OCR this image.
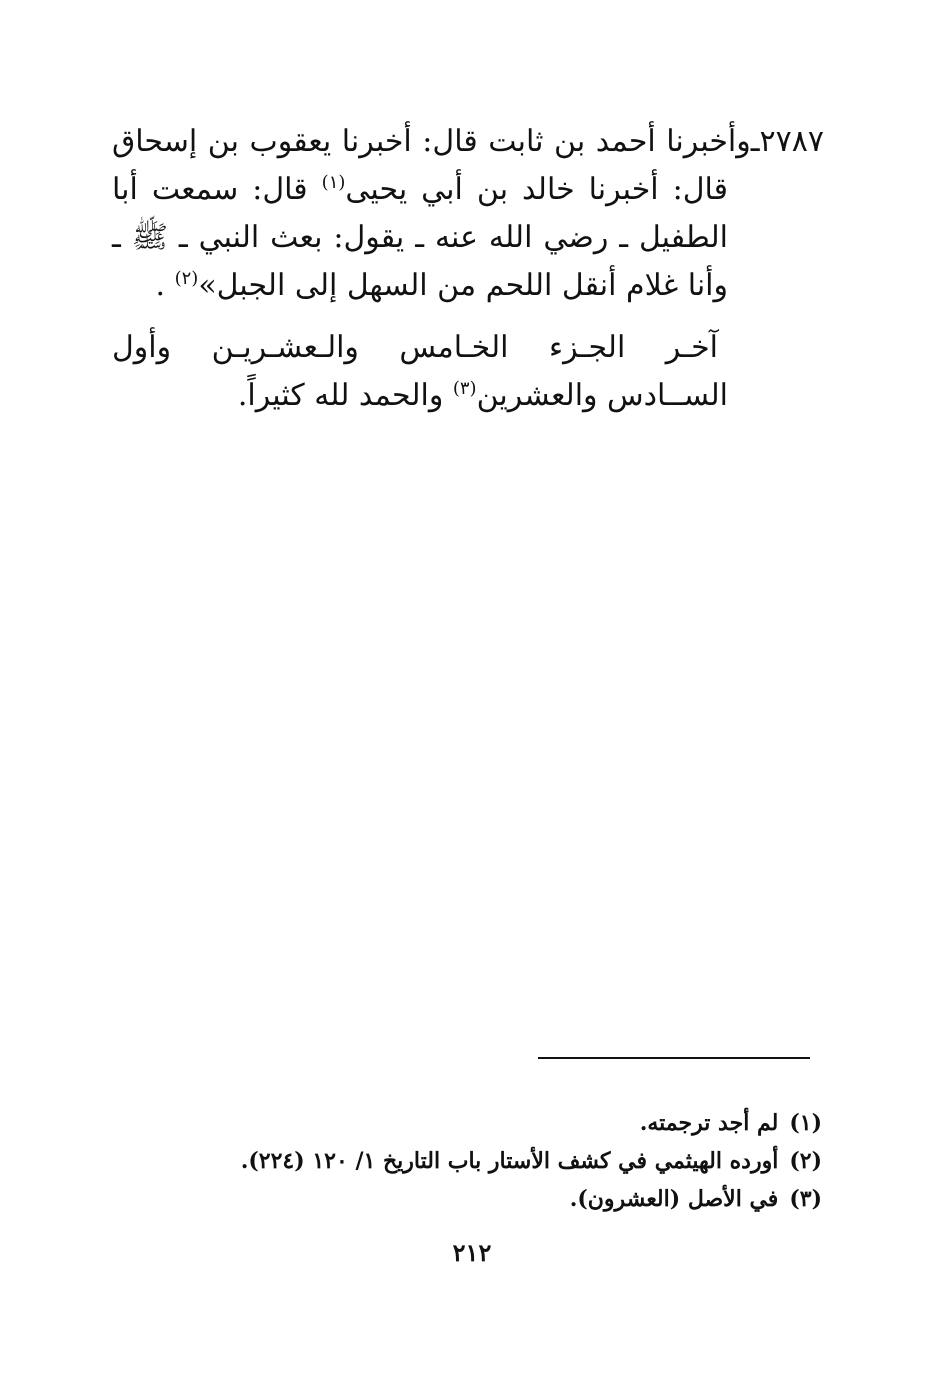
٢٧٨٧ـوأخبرنا أحمد بن ثابت قال: أخبرنا يعقوب بن إسحاق قال: أخبرنا خالد بن أبي يحيى$^{(١)}$ قال: سمعت أبا الطفيل ـ رضي الله عنه ـ يقول: بعث النبي ـ ﷺ ـ وأنا غلام أنقل اللحم من السهل إلى الجبل»$^{(٢)}$ .

آخـر الجـزء الخـامس والـعشـريـن وأول الســادس والعشرين$^{(٣)}$ والحمد لله كثيراً.

(١) لم أجد ترجمته.

(٢) أورده الهيثمي في كشف الأستار باب التاريخ ١/ ١٢٠ (٢٢٤).

(٣) في الأصل (العشرون).

٢١٢
